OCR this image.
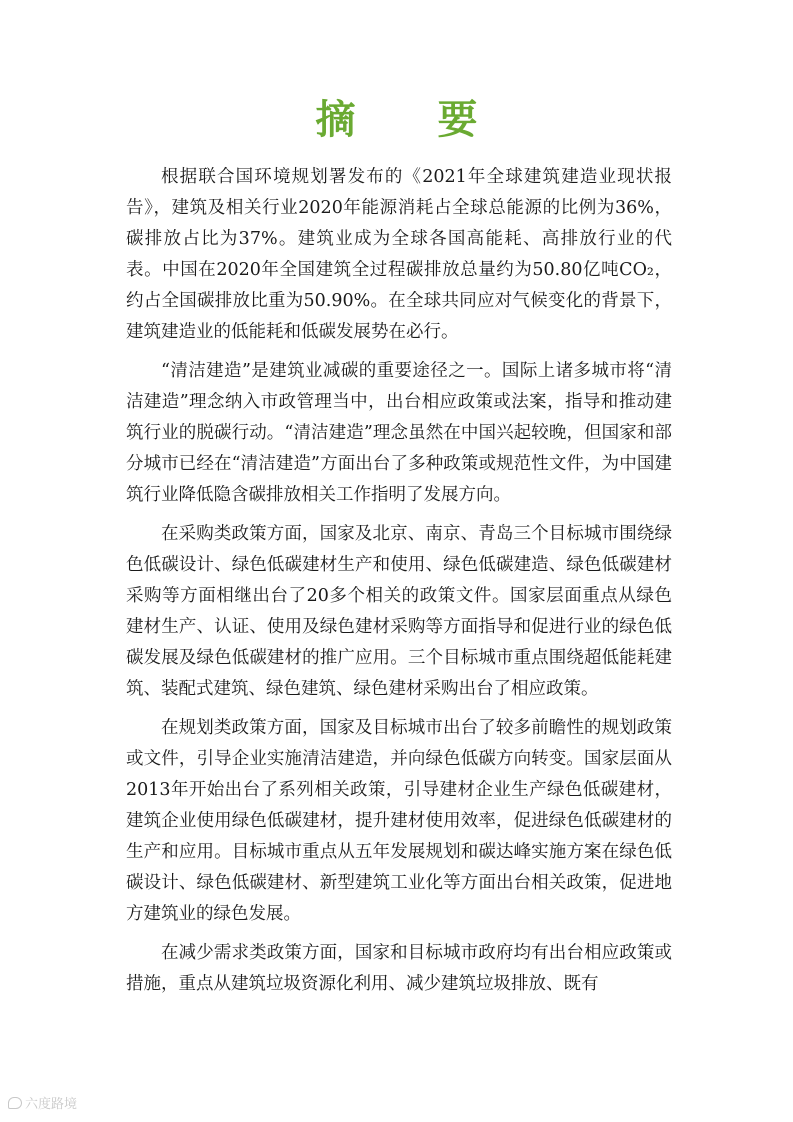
摘 要

根据联合国环境规划署发布的《2021年全球建筑建造业现状报告》，建筑及相关行业2020年能源消耗占全球总能源的比例为36%，碳排放占比为37%。建筑业成为全球各国高能耗、高排放行业的代表。中国在2020年全国建筑全过程碳排放总量约为50.80亿吨CO₂，约占全国碳排放比重为50.90%。在全球共同应对气候变化的背景下，建筑建造业的低能耗和低碳发展势在必行。

“清洁建造”是建筑业减碳的重要途径之一。国际上诸多城市将“清洁建造”理念纳入市政管理当中，出台相应政策或法案，指导和推动建筑行业的脱碳行动。“清洁建造”理念虽然在中国兴起较晚，但国家和部分城市已经在“清洁建造”方面出台了多种政策或规范性文件，为中国建筑行业降低隐含碳排放相关工作指明了发展方向。

在采购类政策方面，国家及北京、南京、青岛三个目标城市围绕绿色低碳设计、绿色低碳建材生产和使用、绿色低碳建造、绿色低碳建材采购等方面相继出台了20多个相关的政策文件。国家层面重点从绿色建材生产、认证、使用及绿色建材采购等方面指导和促进行业的绿色低碳发展及绿色低碳建材的推广应用。三个目标城市重点围绕超低能耗建筑、装配式建筑、绿色建筑、绿色建材采购出台了相应政策。

在规划类政策方面，国家及目标城市出台了较多前瞻性的规划政策或文件，引导企业实施清洁建造，并向绿色低碳方向转变。国家层面从2013年开始出台了系列相关政策，引导建材企业生产绿色低碳建材，建筑企业使用绿色低碳建材，提升建材使用效率，促进绿色低碳建材的生产和应用。目标城市重点从五年发展规划和碳达峰实施方案在绿色低碳设计、绿色低碳建材、新型建筑工业化等方面出台相关政策，促进地方建筑业的绿色发展。

在减少需求类政策方面，国家和目标城市政府均有出台相应政策或措施，重点从建筑垃圾资源化利用、减少建筑垃圾排放、既有

六度路境
